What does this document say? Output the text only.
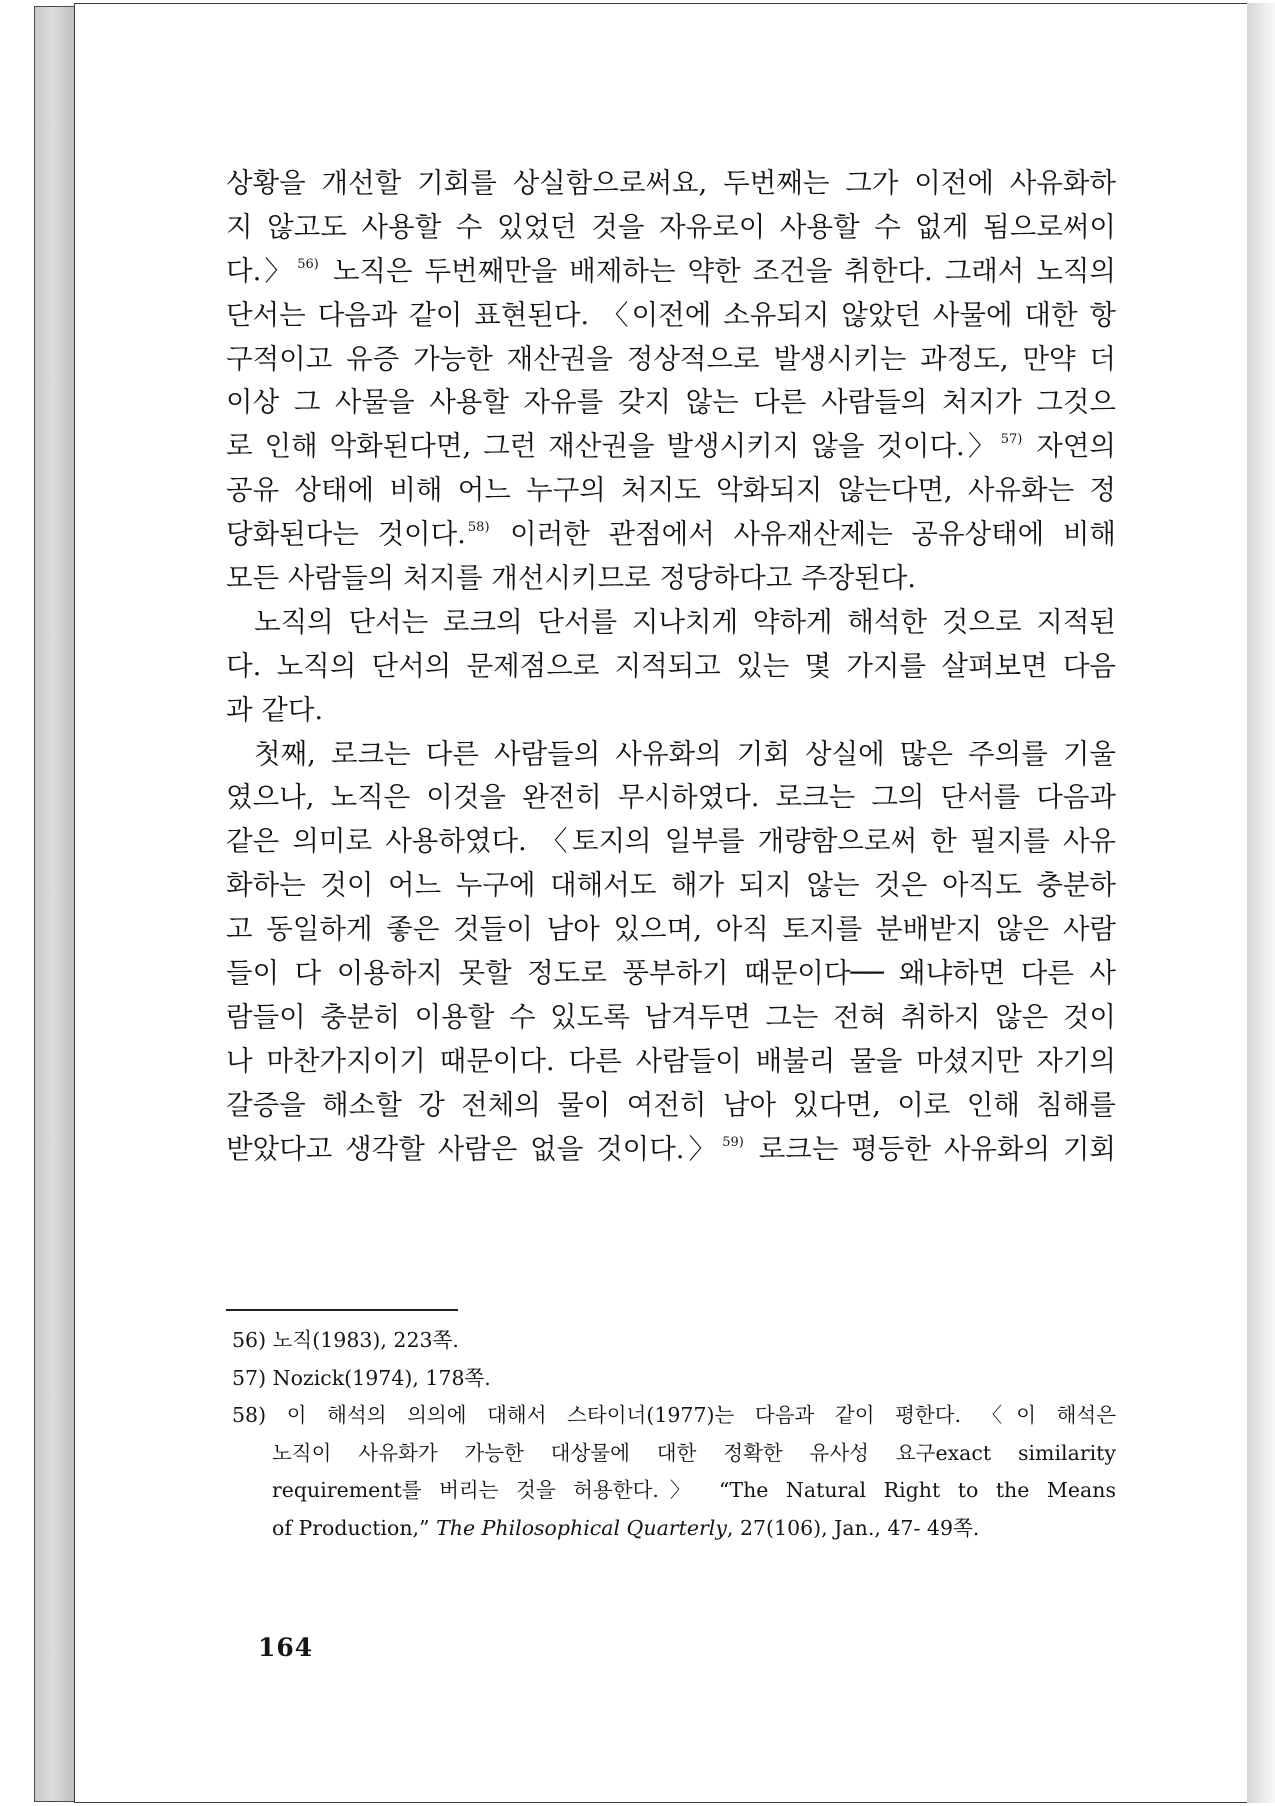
상황을 개선할 기회를 상실함으로써요, 두번째는 그가 이전에 사유화하
지 않고도 사용할 수 있었던 것을 자유로이 사용할 수 없게 됨으로써이
다.〉 $^{56)}$ 노직은 두번째만을 배제하는 약한 조건을 취한다. 그래서 노직의
단서는 다음과 같이 표현된다. 〈이전에 소유되지 않았던 사물에 대한 항
구적이고 유증 가능한 재산권을 정상적으로 발생시키는 과정도, 만약 더
이상 그 사물을 사용할 자유를 갖지 않는 다른 사람들의 처지가 그것으
로 인해 악화된다면, 그런 재산권을 발생시키지 않을 것이다.〉 $^{57)}$ 자연의
공유 상태에 비해 어느 누구의 처지도 악화되지 않는다면, 사유화는 정
당화된다는 것이다. $^{58)}$ 이러한 관점에서 사유재산제는 공유상태에 비해
모든 사람들의 처지를 개선시키므로 정당하다고 주장된다.
노직의 단서는 로크의 단서를 지나치게 약하게 해석한 것으로 지적된
다. 노직의 단서의 문제점으로 지적되고 있는 몇 가지를 살펴보면 다음
과 같다.
첫째, 로크는 다른 사람들의 사유화의 기회 상실에 많은 주의를 기울
였으나, 노직은 이것을 완전히 무시하였다. 로크는 그의 단서를 다음과
같은 의미로 사용하였다. 〈토지의 일부를 개량함으로써 한 필지를 사유
화하는 것이 어느 누구에 대해서도 해가 되지 않는 것은 아직도 충분하
고 동일하게 좋은 것들이 남아 있으며, 아직 토지를 분배받지 않은 사람
들이 다 이용하지 못할 정도로 풍부하기 때문이다── 왜냐하면 다른 사
람들이 충분히 이용할 수 있도록 남겨두면 그는 전혀 취하지 않은 것이
나 마찬가지이기 때문이다. 다른 사람들이 배불리 물을 마셨지만 자기의
갈증을 해소할 강 전체의 물이 여전히 남아 있다면, 이로 인해 침해를
받았다고 생각할 사람은 없을 것이다.〉 $^{59)}$ 로크는 평등한 사유화의 기회
56) 노직(1983), 223쪽.
57) Nozick(1974), 178쪽.
58) 이 해석의 의의에 대해서 스타이너(1977)는 다음과 같이 평한다. 〈이 해석은
노직이 사유화가 가능한 대상물에 대한 정확한 유사성 요구exact similarity
requirement를 버리는 것을 허용한다.〉 “The Natural Right to the Means
of Production,” The Philosophical Quarterly, 27(106), Jan., 47- 49쪽.
164
